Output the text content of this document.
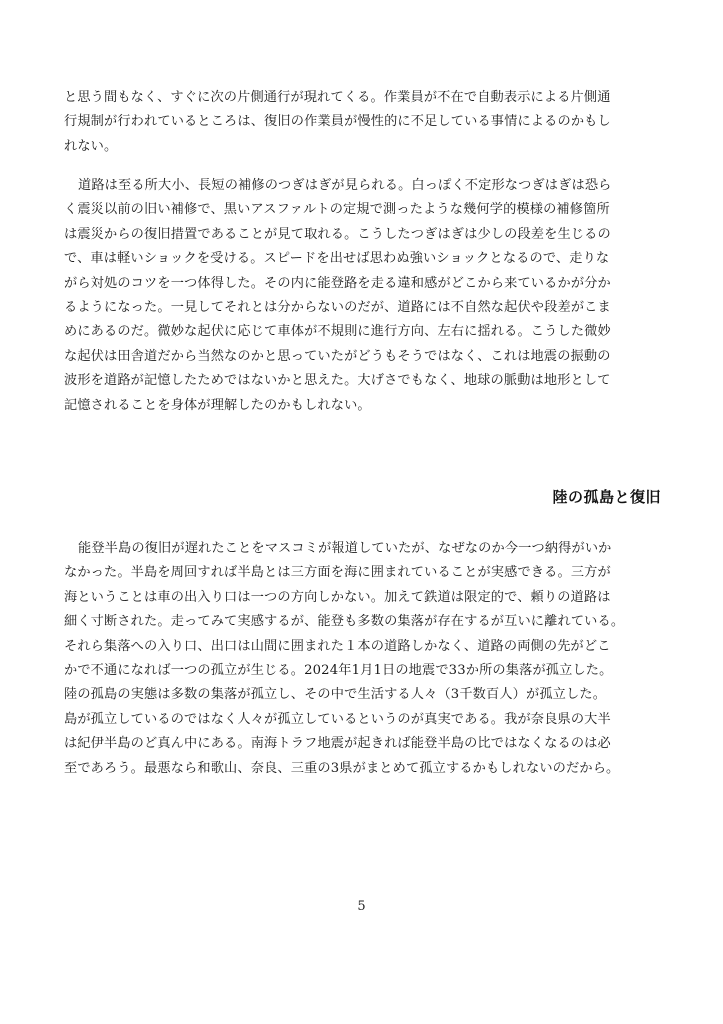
と思う間もなく、すぐに次の片側通行が現れてくる。作業員が不在で自動表示による片側通
行規制が行われているところは、復旧の作業員が慢性的に不足している事情によるのかもし
れない。

道路は至る所大小、長短の補修のつぎはぎが見られる。白っぽく不定形なつぎはぎは恐ら
く震災以前の旧い補修で、黒いアスファルトの定規で測ったような幾何学的模様の補修箇所
は震災からの復旧措置であることが見て取れる。こうしたつぎはぎは少しの段差を生じるの
で、車は軽いショックを受ける。スピードを出せば思わぬ強いショックとなるので、走りな
がら対処のコツを一つ体得した。その内に能登路を走る違和感がどこから来ているかが分か
るようになった。一見してそれとは分からないのだが、道路には不自然な起伏や段差がこま
めにあるのだ。微妙な起伏に応じて車体が不規則に進行方向、左右に揺れる。こうした微妙
な起伏は田舎道だから当然なのかと思っていたがどうもそうではなく、これは地震の振動の
波形を道路が記憶したためではないかと思えた。大げさでもなく、地球の脈動は地形として
記憶されることを身体が理解したのかもしれない。

陸の孤島と復旧

能登半島の復旧が遅れたことをマスコミが報道していたが、なぜなのか今一つ納得がいか
なかった。半島を周回すれば半島とは三方面を海に囲まれていることが実感できる。三方が
海ということは車の出入り口は一つの方向しかない。加えて鉄道は限定的で、頼りの道路は
細く寸断された。走ってみて実感するが、能登も多数の集落が存在するが互いに離れている。
それら集落への入り口、出口は山間に囲まれた１本の道路しかなく、道路の両側の先がどこ
かで不通になれば一つの孤立が生じる。2024年1月1日の地震で33か所の集落が孤立した。
陸の孤島の実態は多数の集落が孤立し、その中で生活する人々（3千数百人）が孤立した。
島が孤立しているのではなく人々が孤立しているというのが真実である。我が奈良県の大半
は紀伊半島のど真ん中にある。南海トラフ地震が起きれば能登半島の比ではなくなるのは必
至であろう。最悪なら和歌山、奈良、三重の3県がまとめて孤立するかもしれないのだから。

5
